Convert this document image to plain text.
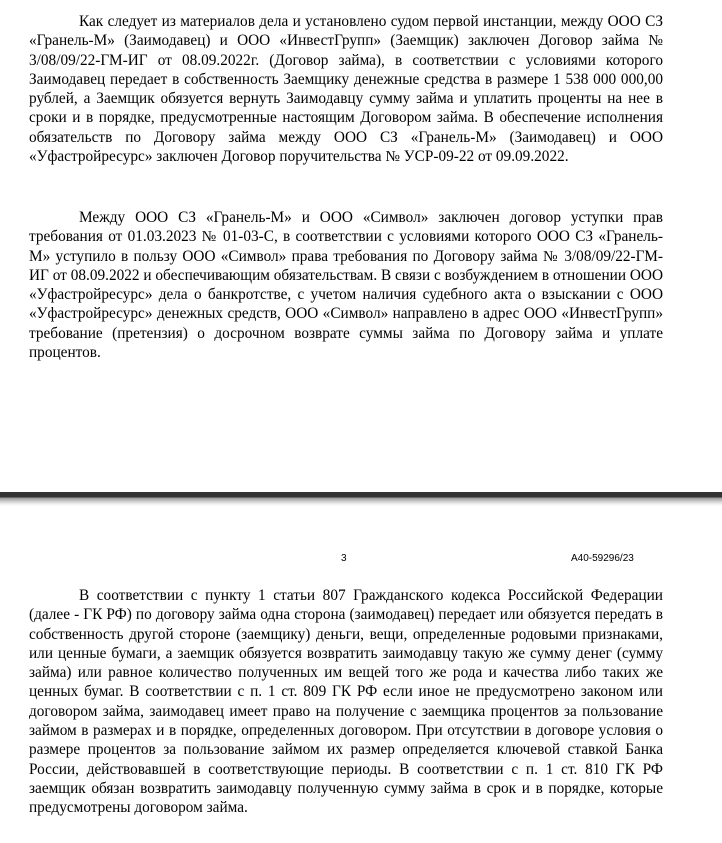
Как следует из материалов дела и установлено судом первой инстанции, между ООО СЗ «Гранель-М» (Заимодавец) и ООО «ИнвестГрупп» (Заемщик) заключен Договор займа № 3/08/09/22-ГМ-ИГ от 08.09.2022г. (Договор займа), в соответствии с условиями которого Заимодавец передает в собственность Заемщику денежные средства в размере 1 538 000 000,00 рублей, а Заемщик обязуется вернуть Заимодавцу сумму займа и уплатить проценты на нее в сроки и в порядке, предусмотренные настоящим Договором займа. В обеспечение исполнения обязательств по Договору займа между ООО СЗ «Гранель-М» (Заимодавец) и ООО «Уфастройресурс» заключен Договор поручительства № УСР-09-22 от 09.09.2022.

Между ООО СЗ «Гранель-М» и ООО «Символ» заключен договор уступки прав требования от 01.03.2023 № 01-03-С, в соответствии с условиями которого ООО СЗ «Гранель-М» уступило в пользу ООО «Символ» права требования по Договору займа № 3/08/09/22-ГМ-ИГ от 08.09.2022 и обеспечивающим обязательствам. В связи с возбуждением в отношении ООО «Уфастройресурс» дела о банкротстве, с учетом наличия судебного акта о взыскании с ООО «Уфастройресурс» денежных средств, ООО «Символ» направлено в адрес ООО «ИнвестГрупп» требование (претензия) о досрочном возврате суммы займа по Договору займа и уплате процентов.

3	А40-59296/23

В соответствии с пункту 1 статьи 807 Гражданского кодекса Российской Федерации (далее - ГК РФ) по договору займа одна сторона (заимодавец) передает или обязуется передать в собственность другой стороне (заемщику) деньги, вещи, определенные родовыми признаками, или ценные бумаги, а заемщик обязуется возвратить заимодавцу такую же сумму денег (сумму займа) или равное количество полученных им вещей того же рода и качества либо таких же ценных бумаг. В соответствии с п. 1 ст. 809 ГК РФ если иное не предусмотрено законом или договором займа, заимодавец имеет право на получение с заемщика процентов за пользование займом в размерах и в порядке, определенных договором. При отсутствии в договоре условия о размере процентов за пользование займом их размер определяется ключевой ставкой Банка России, действовавшей в соответствующие периоды. В соответствии с п. 1 ст. 810 ГК РФ заемщик обязан возвратить заимодавцу полученную сумму займа в срок и в порядке, которые предусмотрены договором займа.
